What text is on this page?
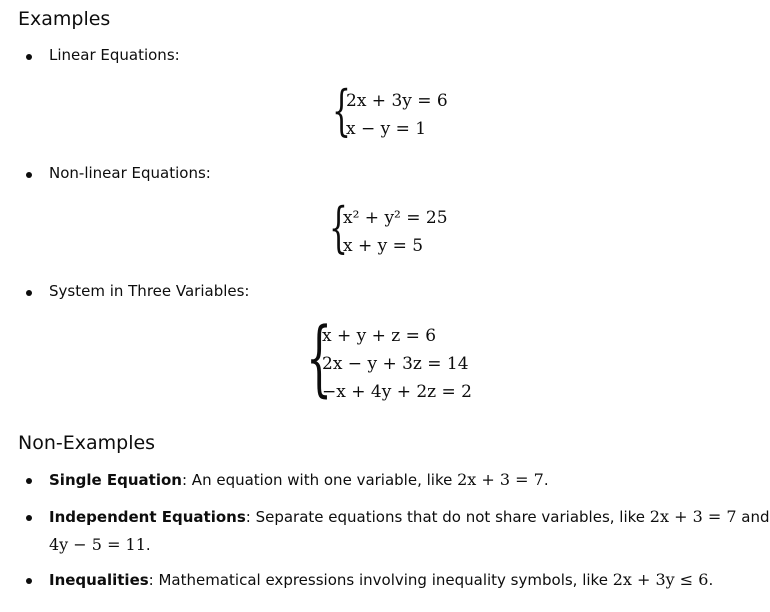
Examples
Linear Equations:
{
2x + 3y = 6
x − y = 1
Non-linear Equations:
{
x² + y² = 25
x + y = 5
System in Three Variables:
{
x + y + z = 6
2x − y + 3z = 14
−x + 4y + 2z = 2
Non-Examples
Single Equation: An equation with one variable, like 2x + 3 = 7.
Independent Equations: Separate equations that do not share variables, like 2x + 3 = 7 and
4y − 5 = 11.
Inequalities: Mathematical expressions involving inequality symbols, like 2x + 3y ≤ 6.
